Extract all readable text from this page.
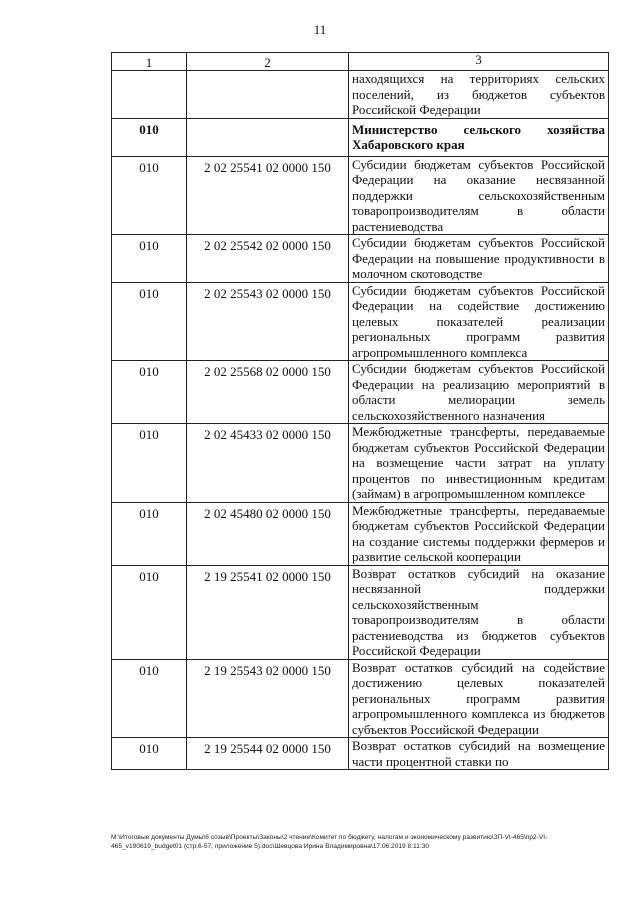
11
1	2	3
		находящихся на территориях сельских поселений, из бюджетов субъектов Российской Федерации
010		Министерство сельского хозяйства Хабаровского края
010	2 02 25541 02 0000 150	Субсидии бюджетам субъектов Российской Федерации на оказание несвязанной поддержки сельскохозяйственным товаропроизводителям в области растениеводства
010	2 02 25542 02 0000 150	Субсидии бюджетам субъектов Российской Федерации на повышение продуктивности в молочном скотоводстве
010	2 02 25543 02 0000 150	Субсидии бюджетам субъектов Российской Федерации на содействие достижению целевых показателей реализации региональных программ развития агропромышленного комплекса
010	2 02 25568 02 0000 150	Субсидии бюджетам субъектов Российской Федерации на реализацию мероприятий в области мелиорации земель сельскохозяйственного назначения
010	2 02 45433 02 0000 150	Межбюджетные трансферты, передаваемые бюджетам субъектов Российской Федерации на возмещение части затрат на уплату процентов по инвестиционным кредитам (займам) в агропромышленном комплексе
010	2 02 45480 02 0000 150	Межбюджетные трансферты, передаваемые бюджетам субъектов Российской Федерации на создание системы поддержки фермеров и развитие сельской кооперации
010	2 19 25541 02 0000 150	Возврат остатков субсидий на оказание несвязанной поддержки сельскохозяйственным товаропроизводителям в области растениеводства из бюджетов субъектов Российской Федерации
010	2 19 25543 02 0000 150	Возврат остатков субсидий на содействие достижению целевых показателей региональных программ развития агропромышленного комплекса из бюджетов субъектов Российской Федерации
010	2 19 25544 02 0000 150	Возврат остатков субсидий на возмещение части процентной ставки по
М:\Итоговые документы Думы\6 созыв\Проекты\Законы\2 чтение\Комитет по бюджету, налогам и экономическому развитию\ЗП-VI-465\пр2-VI-465_v190619_budget01 (стр.6-57, приложение 5).doc\Шевцова Ирина Владимировна\17.06.2019 8:11:30
